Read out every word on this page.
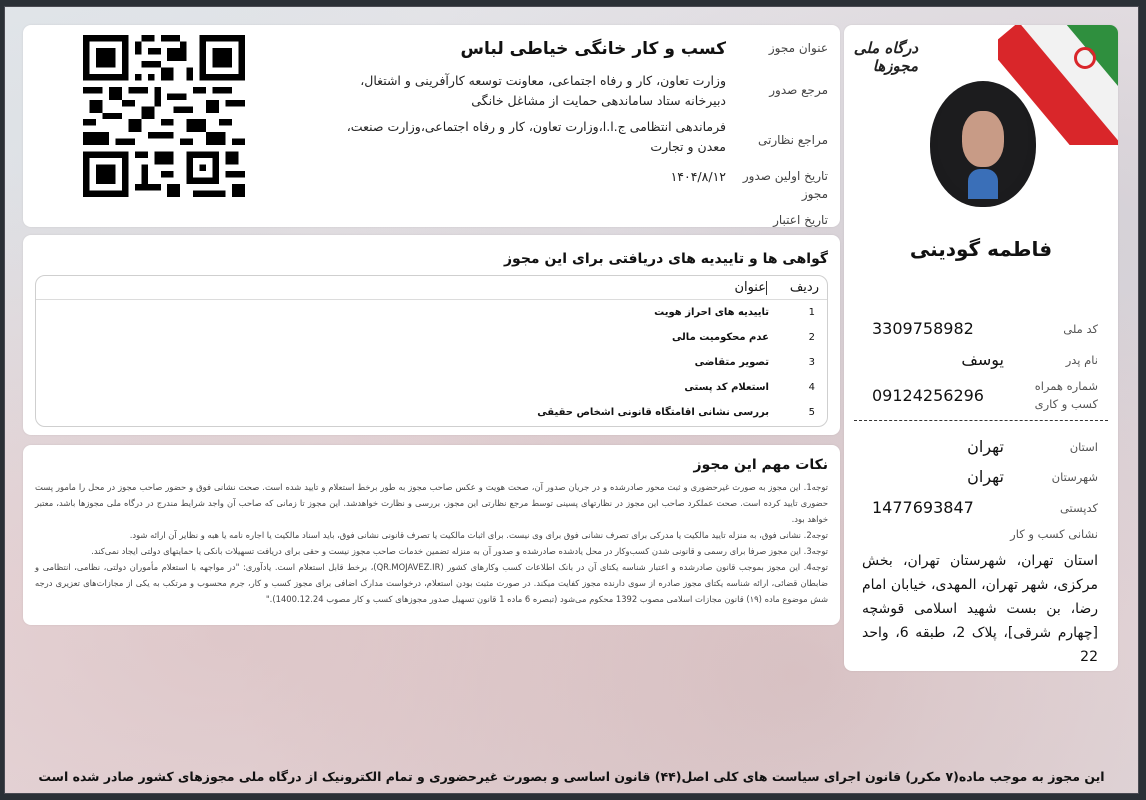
درگاه ملی مجوزها
فاطمه گودینی
کد ملی
3309758982
نام پدر
یوسف
شماره همراه کسب و کاری
09124256296
استان
تهران
شهرستان
تهران
کدپستی
1477693847
نشانی کسب و کار
استان تهران، شهرستان تهران، بخش مرکزی، شهر تهران، المهدی، خیابان امام رضا، بن بست شهید اسلامی قوشچه [چهارم شرقی]، پلاک 2، طبقه 6، واحد 22
عنوان مجوز
کسب و کار خانگی خیاطی لباس
مرجع صدور
وزارت تعاون، کار و رفاه اجتماعی، معاونت توسعه کارآفرینی و اشتغال، دبیرخانه ستاد ساماندهی حمایت از مشاغل خانگی
مراجع نظارتی
فرماندهی انتظامی ج.ا.ا،وزارت تعاون، کار و رفاه اجتماعی،وزارت صنعت، معدن و تجارت
تاریخ اولین صدور مجوز
۱۴۰۴/۸/۱۲
تاریخ اعتبار
گواهی ها و تاییدیه های دریافتی برای این مجوز
ردیف
عنوان
1
تاییدیه های احراز هویت
2
عدم محکومیت مالی
3
تصویر متقاضی
4
استعلام کد پستی
5
بررسی نشانی اقامتگاه قانونی اشخاص حقیقی
نکات مهم این مجوز

توجه1. این مجوز به صورت غیرحضوری و ثبت محور صادرشده و در جریان صدور آن، صحت هویت و عکس صاحب مجوز به طور برخط استعلام و تایید شده است. صحت نشانی فوق و حضور صاحب مجوز در محل را مامور پست حضوری تایید کرده است. صحت عملکرد صاحب این مجوز در نظارتهای پسینی توسط مرجع نظارتی این مجوز، بررسی و نظارت خواهدشد. این مجوز تا زمانی که صاحب آن واجد شرایط مندرج در درگاه ملی مجوزها باشد، معتبر خواهد بود.

توجه2. نشانی فوق، به منزله تایید مالکیت یا مدرکی برای تصرف نشانی فوق برای وی نیست. برای اثبات مالکیت یا تصرف قانونی نشانی فوق، باید اسناد مالکیت یا اجاره نامه یا هبه و نظایر آن ارائه شود.

توجه3. این مجوز صرفا برای رسمی و قانونی شدن کسب‌وکار در محل یادشده صادرشده و صدور آن به منزله تضمین خدمات صاحب مجوز نیست و حقی برای دریافت تسهیلات بانکی یا حمایتهای دولتی ایجاد نمی‌کند.

توجه4. این مجوز بموجب قانون صادرشده و اعتبار شناسه یکتای آن در بانک اطلاعات کسب وکارهای کشور (QR.MOJAVEZ.IR)، برخط قابل استعلام است. یادآوری: "در مواجهه با استعلام مأموران دولتی، نظامی، انتظامی و ضابطان قضائی، ارائه شناسه یکتای مجوز صادره از سوی دارنده مجوز کفایت میکند. در صورت مثبت بودن استعلام، درخواست مدارک اضافی برای مجوز کسب و کار، جرم محسوب و مرتکب به یکی از مجازات‌های تعزیری درجه شش موضوع ماده (۱۹) قانون مجازات اسلامی مصوب 1392 محکوم می‌شود (تبصره 6 ماده 1 قانون تسهیل صدور مجوزهای کسب و کار مصوب 1400.12.24)."

این مجوز به موجب ماده(۷ مکرر) قانون اجرای سیاست های کلی اصل(۴۴) قانون اساسی و بصورت غیرحضوری و تمام الکترونیک از درگاه ملی مجوزهای کشور صادر شده است
